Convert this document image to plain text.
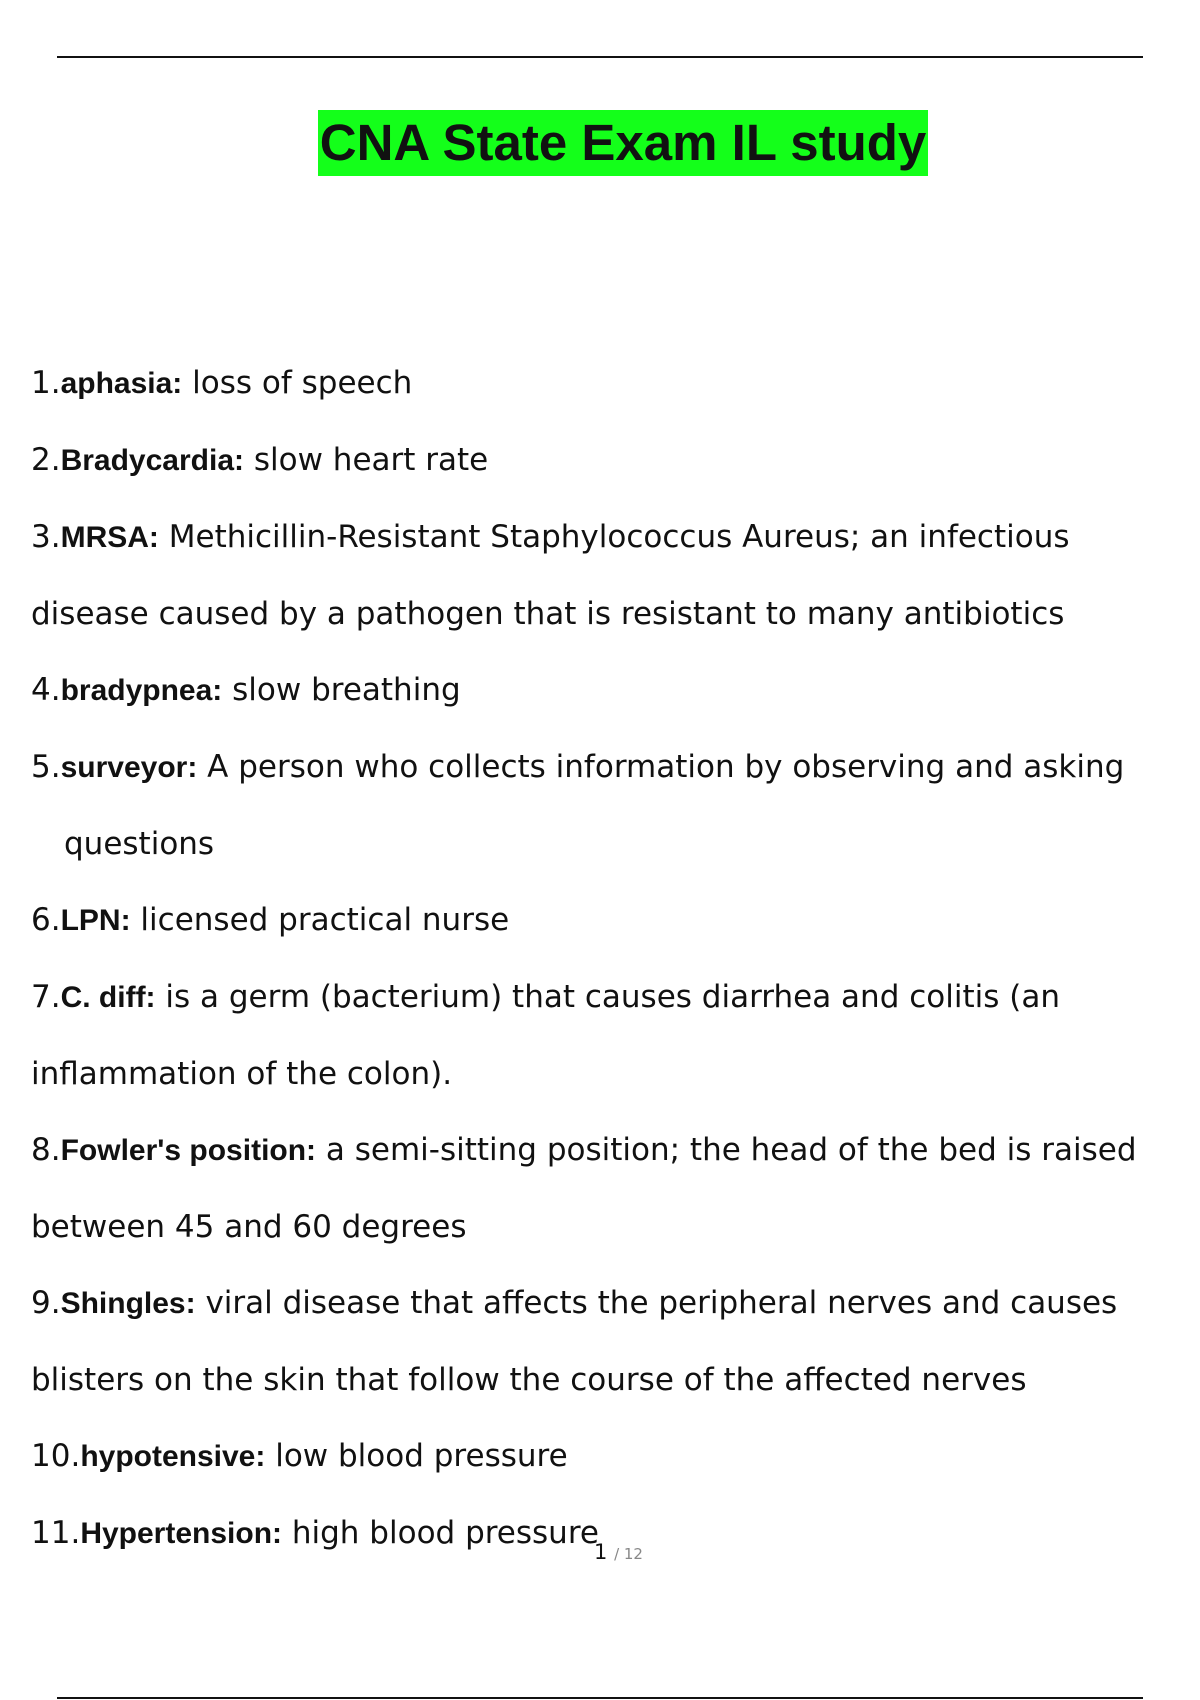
CNA State Exam IL study
1.aphasia: loss of speech
2.Bradycardia: slow heart rate
3.MRSA: Methicillin-Resistant Staphylococcus Aureus; an infectious
disease caused by a pathogen that is resistant to many antibiotics
4.bradypnea: slow breathing
5.surveyor: A person who collects information by observing and asking
questions
6.LPN: licensed practical nurse
7.C. diff: is a germ (bacterium) that causes diarrhea and colitis (an
inflammation of the colon).
8.Fowler's position: a semi-sitting position; the head of the bed is raised
between 45 and 60 degrees
9.Shingles: viral disease that affects the peripheral nerves and causes
blisters on the skin that follow the course of the affected nerves
10.hypotensive: low blood pressure
11.Hypertension: high blood pressure
1 / 12
